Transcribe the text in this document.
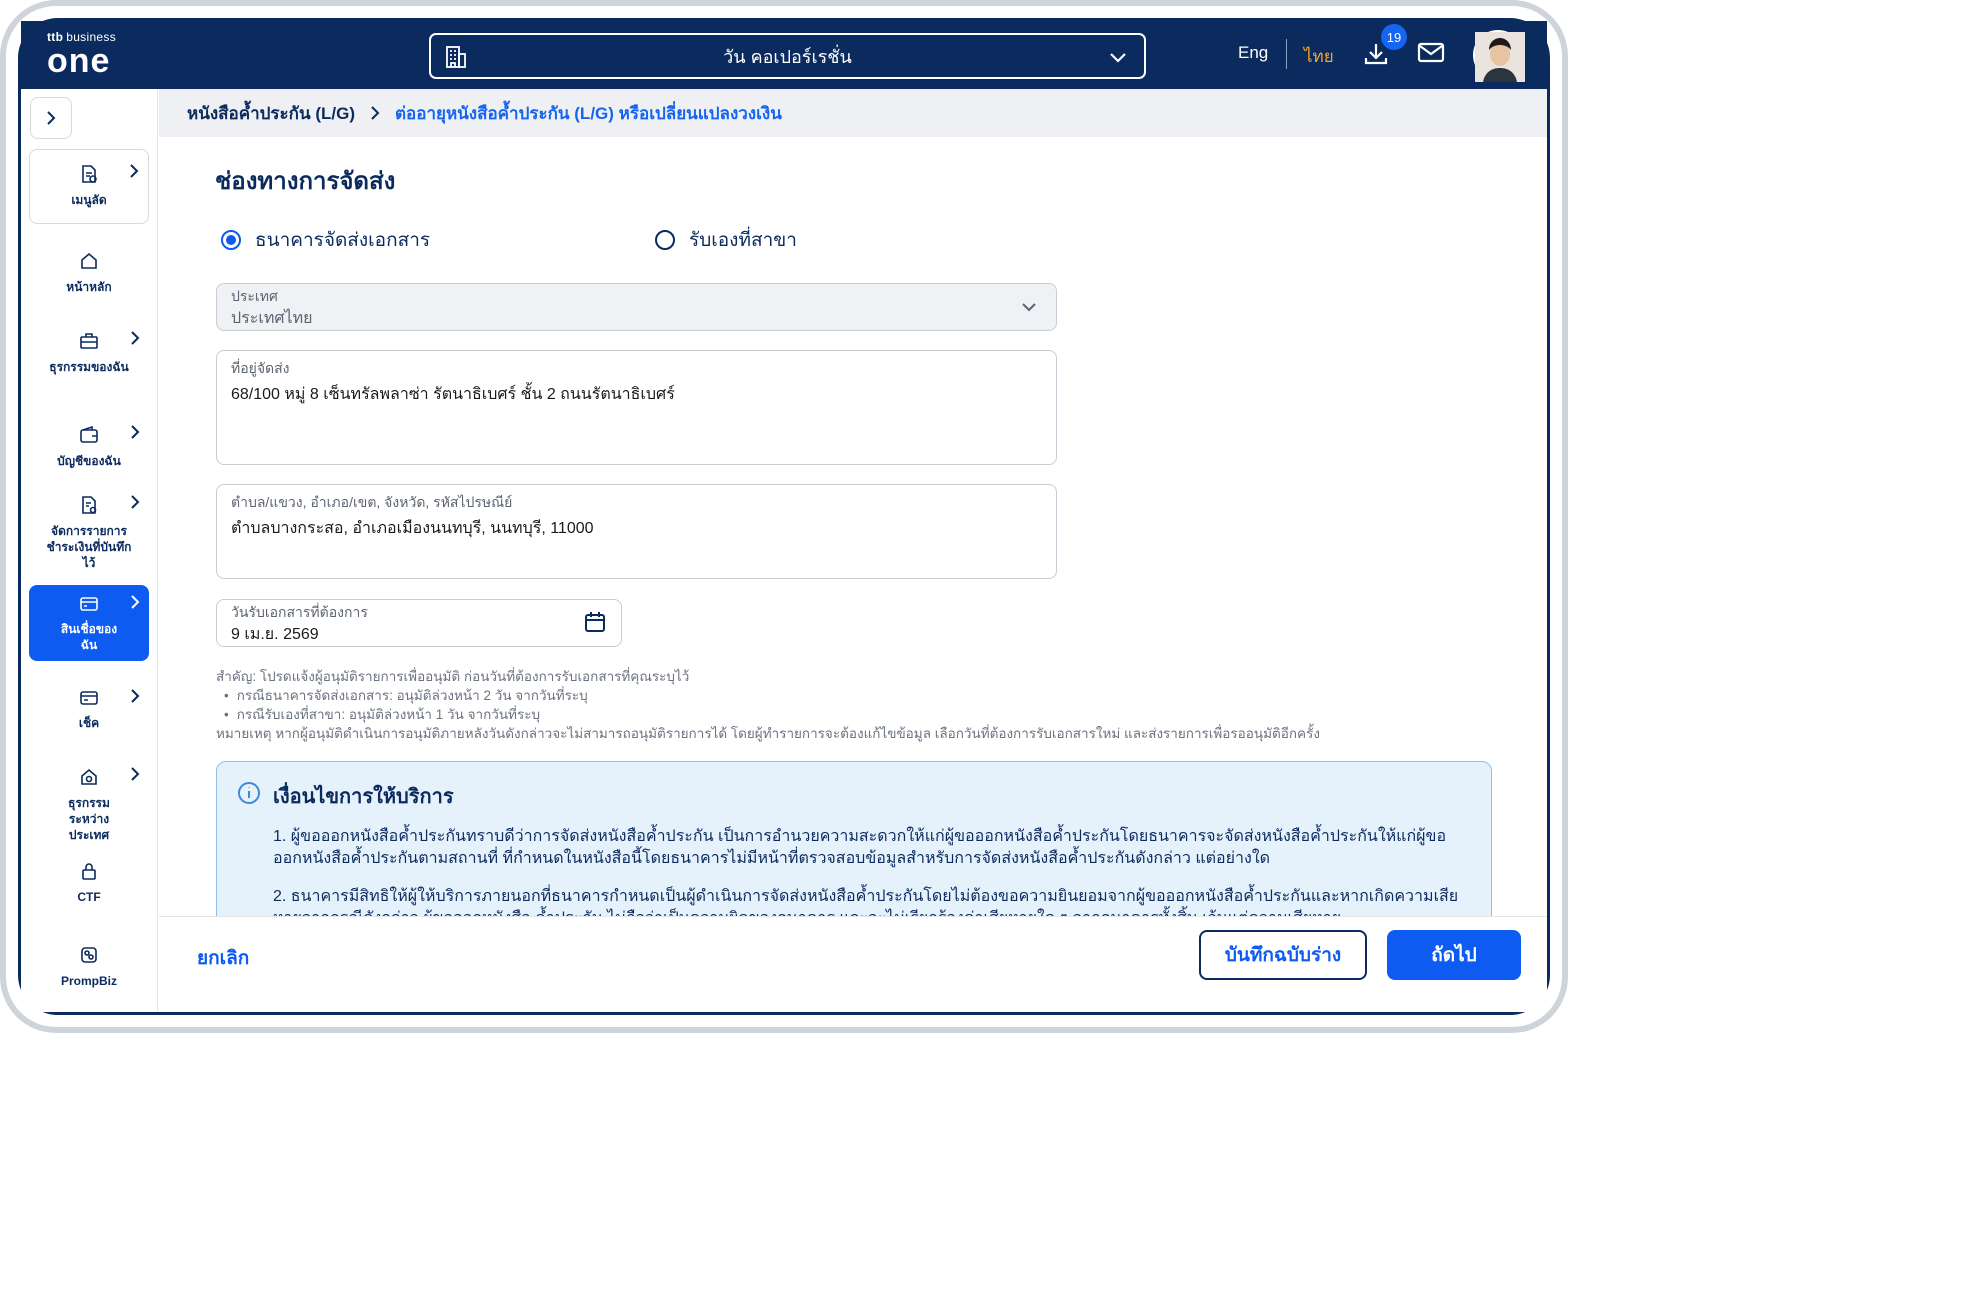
ttb business
one	วัน คอเปอร์เรชั่น	Eng ไทย
19
เมนูลัด
หน้าหลัก
ธุรกรรมของฉัน
บัญชีของฉัน
จัดการรายการชำระเงินที่บันทึกไว้
สินเชื่อของฉัน
เช็ค
ธุรกรรมระหว่างประเทศ
CTF
PrompBiz
หนังสือค้ำประกัน (L/G) ต่ออายุหนังสือค้ำประกัน (L/G) หรือเปลี่ยนแปลงวงเงิน
ช่องทางการจัดส่ง
ธนาคารจัดส่งเอกสาร	รับเองที่สาขา
ประเทศ
ประเทศไทย
ที่อยู่จัดส่ง
68/100 หมู่ 8 เซ็นทรัลพลาซ่า รัตนาธิเบศร์ ชั้น 2 ถนนรัตนาธิเบศร์
ตำบล/แขวง, อำเภอ/เขต, จังหวัด, รหัสไปรษณีย์
ตำบลบางกระสอ, อำเภอเมืองนนทบุรี, นนทบุรี, 11000
วันรับเอกสารที่ต้องการ
9 เม.ย. 2569
สำคัญ: โปรดแจ้งผู้อนุมัติรายการเพื่ออนุมัติ ก่อนวันที่ต้องการรับเอกสารที่คุณระบุไว้
• กรณีธนาคารจัดส่งเอกสาร: อนุมัติล่วงหน้า 2 วัน จากวันที่ระบุ
• กรณีรับเองที่สาขา: อนุมัติล่วงหน้า 1 วัน จากวันที่ระบุ
หมายเหตุ หากผู้อนุมัติดำเนินการอนุมัติภายหลังวันดังกล่าวจะไม่สามารถอนุมัติรายการได้ โดยผู้ทำรายการจะต้องแก้ไขข้อมูล เลือกวันที่ต้องการรับเอกสารใหม่ และส่งรายการเพื่อรออนุมัติอีกครั้ง
เงื่อนไขการให้บริการ

1. ผู้ขอออกหนังสือค้ำประกันทราบดีว่าการจัดส่งหนังสือค้ำประกัน เป็นการอำนวยความสะดวกให้แก่ผู้ขอออกหนังสือค้ำประกันโดยธนาคารจะจัดส่งหนังสือค้ำประกันให้แก่ผู้ขอออกหนังสือค้ำประกันตามสถานที่ ที่กำหนดในหนังสือนี้โดยธนาคารไม่มีหน้าที่ตรวจสอบข้อมูลสำหรับการจัดส่งหนังสือค้ำประกันดังกล่าว แต่อย่างใด

2. ธนาคารมีสิทธิให้ผู้ให้บริการภายนอกที่ธนาคารกำหนดเป็นผู้ดำเนินการจัดส่งหนังสือค้ำประกันโดยไม่ต้องขอความยินยอมจากผู้ขอออกหนังสือค้ำประกันและหากเกิดความเสีย

ยกเลิก	บันทึกฉบับร่าง	ถัดไป
